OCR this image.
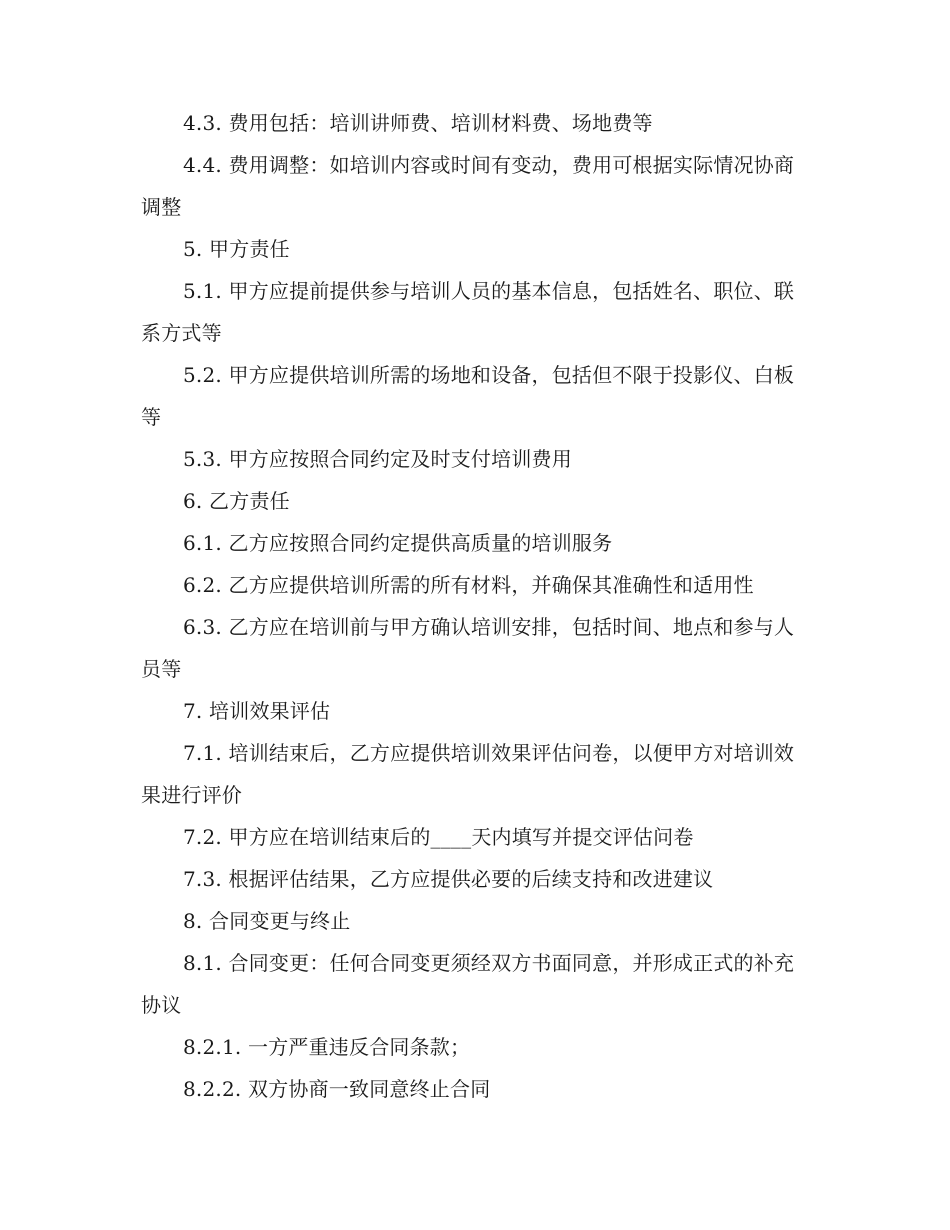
4.3. 费用包括：培训讲师费、培训材料费、场地费等

4.4. 费用调整：如培训内容或时间有变动，费用可根据实际情况协商调整

5. 甲方责任

5.1. 甲方应提前提供参与培训人员的基本信息，包括姓名、职位、联系方式等

5.2. 甲方应提供培训所需的场地和设备，包括但不限于投影仪、白板等

5.3. 甲方应按照合同约定及时支付培训费用

6. 乙方责任

6.1. 乙方应按照合同约定提供高质量的培训服务

6.2. 乙方应提供培训所需的所有材料，并确保其准确性和适用性

6.3. 乙方应在培训前与甲方确认培训安排，包括时间、地点和参与人员等

7. 培训效果评估

7.1. 培训结束后，乙方应提供培训效果评估问卷，以便甲方对培训效果进行评价

7.2. 甲方应在培训结束后的____天内填写并提交评估问卷

7.3. 根据评估结果，乙方应提供必要的后续支持和改进建议

8. 合同变更与终止

8.1. 合同变更：任何合同变更须经双方书面同意，并形成正式的补充协议

8.2.1. 一方严重违反合同条款；

8.2.2. 双方协商一致同意终止合同
